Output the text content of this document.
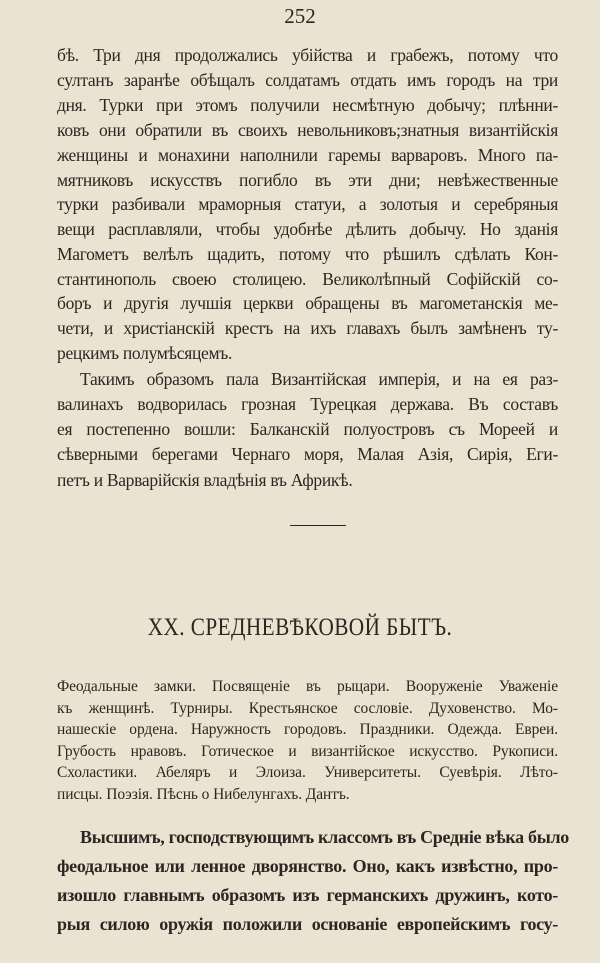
252
бѣ. Три дня продолжались убійства и грабежъ, потому что
султанъ заранѣе обѣщалъ солдатамъ отдать имъ городъ на три
дня. Турки при этомъ получили несмѣтную добычу; плѣнни-
ковъ они обратили въ своихъ невольниковъ;знатныя византійскія
женщины и монахини наполнили гаремы варваровъ. Много па-
мятниковъ искусствъ погибло въ эти дни; невѣжественные
турки разбивали мраморныя статуи, а золотыя и серебряныя
вещи расплавляли, чтобы удобнѣе дѣлить добычу. Но зданія
Магометъ велѣлъ щадить, потому что рѣшилъ сдѣлать Кон-
стантинополь своею столицею. Великолѣпный Софійскій со-
боръ и другія лучшія церкви обращены въ магометанскія ме-
чети, и христіанскій крестъ на ихъ главахъ былъ замѣненъ ту-
рецкимъ полумѣсяцемъ.
Такимъ образомъ пала Византійская имперія, и на ея раз-
валинахъ водворилась грозная Турецкая держава. Въ составъ
ея постепенно вошли: Балканскій полуостровъ съ Мореей и
сѣверными берегами Чернаго моря, Малая Азія, Сирія, Еги-
петъ и Варварійскія владѣнія въ Африкѣ.
XX. СРЕДНЕВѢКОВОЙ БЫТЪ.
Феодальные замки. Посвященіе въ рыцари. Вооруженіе Уваженіе
къ женщинѣ. Турниры. Крестьянское сословіе. Духовенство. Мо-
нашескіе ордена. Наружность городовъ. Праздники. Одежда. Евреи.
Грубость нравовъ. Готическое и византійское искусство. Рукописи.
Схоластики. Абеляръ и Элоиза. Университеты. Суевѣрія. Лѣто-
писцы. Поэзія. Пѣснь о Нибелунгахъ. Дантъ.
Высшимъ, господствующимъ классомъ въ Средніе вѣка было
феодальное или ленное дворянство. Оно, какъ извѣстно, про-
изошло главнымъ образомъ изъ германскихъ дружинъ, кото-
рыя силою оружія положили основаніе европейскимъ госу-
